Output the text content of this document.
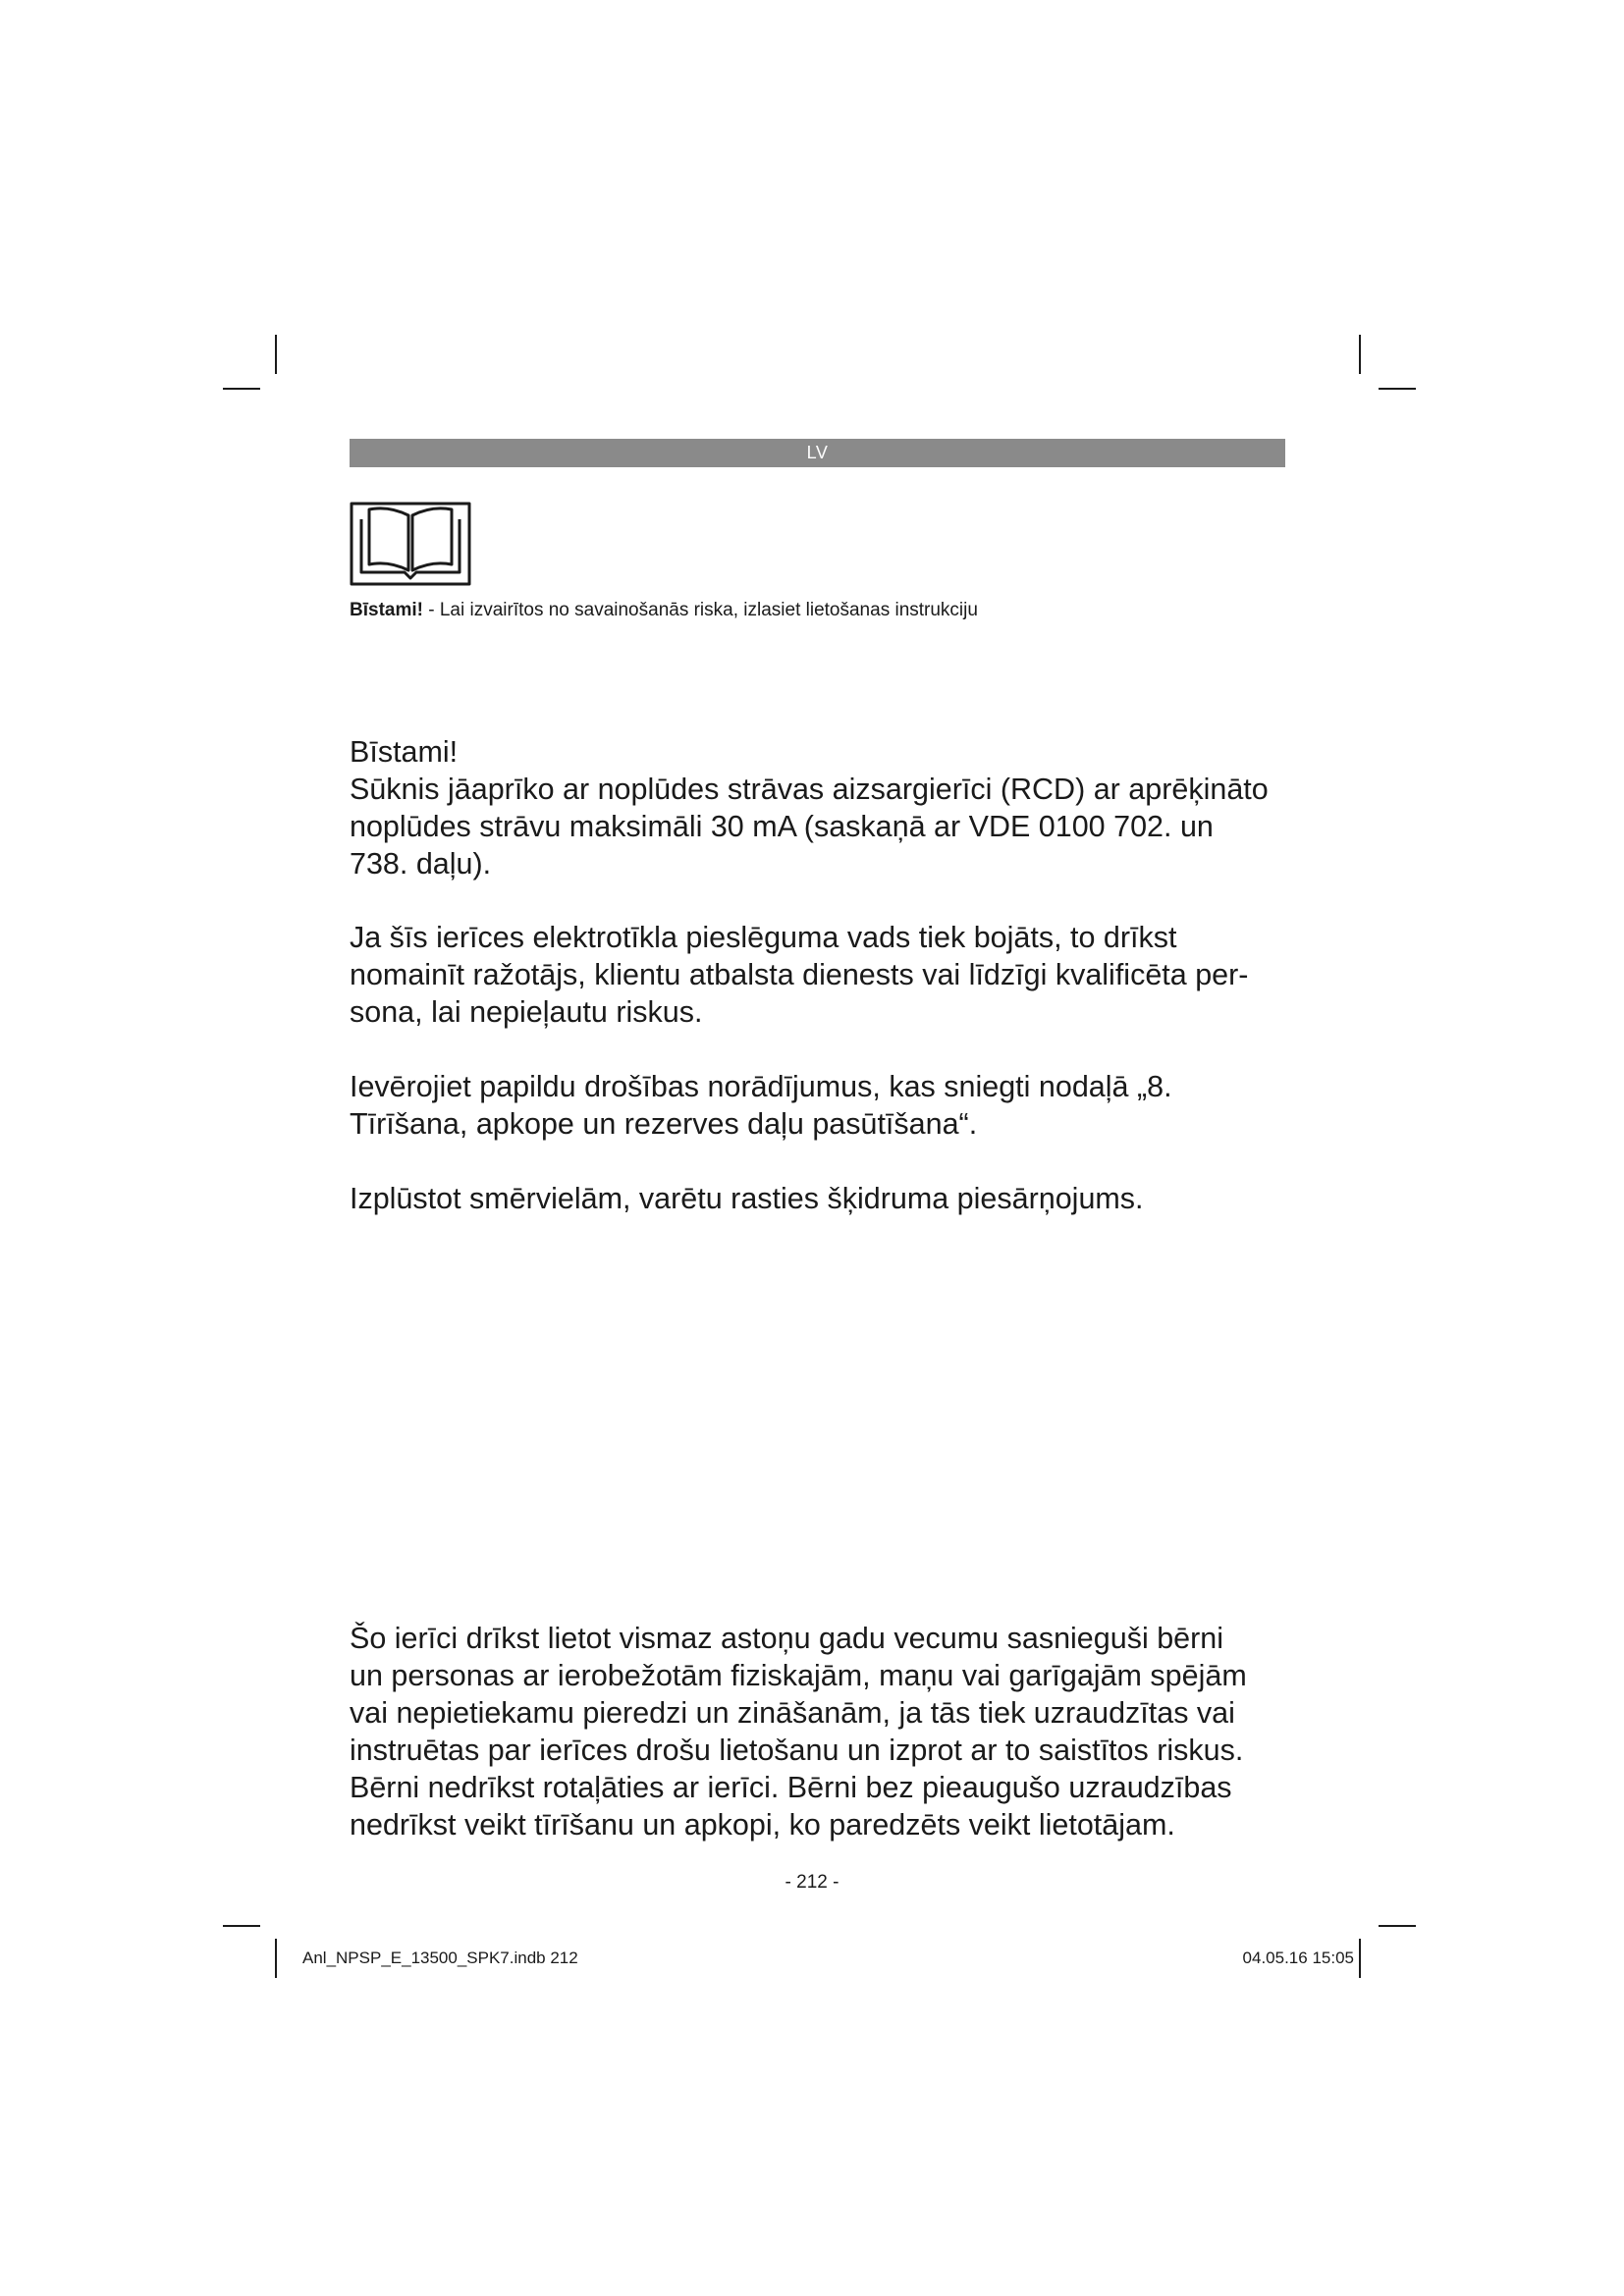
LV
Bīstami! - Lai izvairītos no savainošanās riska, izlasiet lietošanas instrukciju
Bīstami!
Sūknis jāaprīko ar noplūdes strāvas aizsargierīci (RCD) ar aprēķināto
noplūdes strāvu maksimāli 30 mA (saskaņā ar VDE 0100 702. un
738. daļu).
Ja šīs ierīces elektrotīkla pieslēguma vads tiek bojāts, to drīkst
nomainīt ražotājs, klientu atbalsta dienests vai līdzīgi kvalificēta per-
sona, lai nepieļautu riskus.
Ievērojiet papildu drošības norādījumus, kas sniegti nodaļā „8.
Tīrīšana, apkope un rezerves daļu pasūtīšana“.
Izplūstot smērvielām, varētu rasties šķidruma piesārņojums.
Šo ierīci drīkst lietot vismaz astoņu gadu vecumu sasnieguši bērni
un personas ar ierobežotām fiziskajām, maņu vai garīgajām spējām
vai nepietiekamu pieredzi un zināšanām, ja tās tiek uzraudzītas vai
instruētas par ierīces drošu lietošanu un izprot ar to saistītos riskus.
Bērni nedrīkst rotaļāties ar ierīci. Bērni bez pieaugušo uzraudzības
nedrīkst veikt tīrīšanu un apkopi, ko paredzēts veikt lietotājam.
- 212 -
Anl_NPSP_E_13500_SPK7.indb 212	04.05.16 15:05
